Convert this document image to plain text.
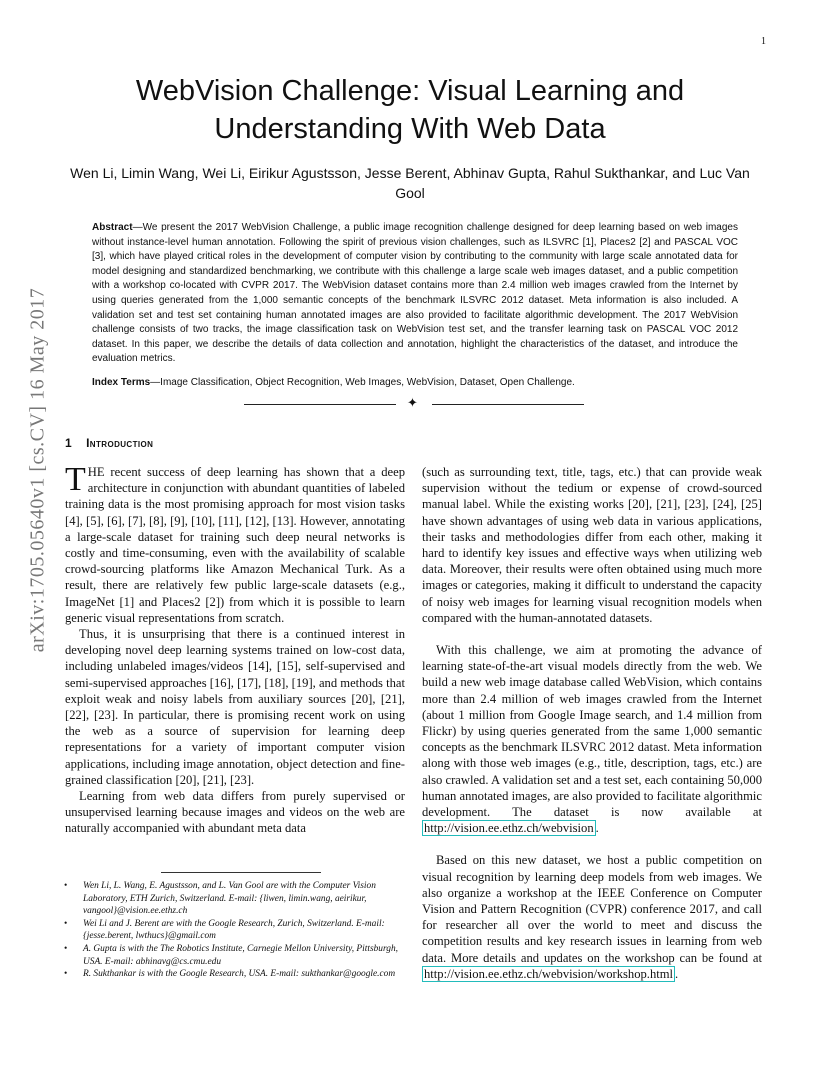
1
arXiv:1705.05640v1 [cs.CV] 16 May 2017
WebVision Challenge: Visual Learning and Understanding With Web Data
Wen Li, Limin Wang, Wei Li, Eirikur Agustsson, Jesse Berent, Abhinav Gupta, Rahul Sukthankar, and Luc Van Gool
Abstract—We present the 2017 WebVision Challenge, a public image recognition challenge designed for deep learning based on web images without instance-level human annotation. Following the spirit of previous vision challenges, such as ILSVRC [1], Places2 [2] and PASCAL VOC [3], which have played critical roles in the development of computer vision by contributing to the community with large scale annotated data for model designing and standardized benchmarking, we contribute with this challenge a large scale web images dataset, and a public competition with a workshop co-located with CVPR 2017. The WebVision dataset contains more than 2.4 million web images crawled from the Internet by using queries generated from the 1,000 semantic concepts of the benchmark ILSVRC 2012 dataset. Meta information is also included. A validation set and test set containing human annotated images are also provided to facilitate algorithmic development. The 2017 WebVision challenge consists of two tracks, the image classification task on WebVision test set, and the transfer learning task on PASCAL VOC 2012 dataset. In this paper, we describe the details of data collection and annotation, highlight the characteristics of the dataset, and introduce the evaluation metrics.
Index Terms—Image Classification, Object Recognition, Web Images, WebVision, Dataset, Open Challenge.
✦
1 Introduction

THE recent success of deep learning has shown that a deep architecture in conjunction with abundant quantities of labeled training data is the most promising approach for most vision tasks [4], [5], [6], [7], [8], [9], [10], [11], [12], [13]. However, annotating a large-scale dataset for training such deep neural networks is costly and time-consuming, even with the availability of scalable crowd-sourcing platforms like Amazon Mechanical Turk. As a result, there are relatively few public large-scale datasets (e.g., ImageNet [1] and Places2 [2]) from which it is possible to learn generic visual representations from scratch.

Thus, it is unsurprising that there is a continued interest in developing novel deep learning systems trained on low-cost data, including unlabeled images/videos [14], [15], self-supervised and semi-supervised approaches [16], [17], [18], [19], and methods that exploit weak and noisy labels from auxiliary sources [20], [21], [22], [23]. In particular, there is promising recent work on using the web as a source of supervision for learning deep representations for a variety of important computer vision applications, including image annotation, object detection and fine-grained classification [20], [21], [23].

Learning from web data differs from purely supervised or unsupervised learning because images and videos on the web are naturally accompanied with abundant meta data

(such as surrounding text, title, tags, etc.) that can provide weak supervision without the tedium or expense of crowd-sourced manual label. While the existing works [20], [21], [23], [24], [25] have shown advantages of using web data in various applications, their tasks and methodologies differ from each other, making it hard to identify key issues and effective ways when utilizing web data. Moreover, their results were often obtained using much more images or categories, making it difficult to understand the capacity of noisy web images for learning visual recognition models when compared with the human-annotated datasets.

With this challenge, we aim at promoting the advance of learning state-of-the-art visual models directly from the web. We build a new web image database called WebVision, which contains more than 2.4 million of web images crawled from the Internet (about 1 million from Google Image search, and 1.4 million from Flickr) by using queries generated from the same 1,000 semantic concepts as the benchmark ILSVRC 2012 datast. Meta information along with those web images (e.g., title, description, tags, etc.) are also crawled. A validation set and a test set, each containing 50,000 human annotated images, are also provided to facilitate algorithmic development. The dataset is now available at http://vision.ee.ethz.ch/webvision .

Based on this new dataset, we host a public competition on visual recognition by learning deep models from web images. We also organize a workshop at the IEEE Conference on Computer Vision and Pattern Recognition (CVPR) conference 2017, and call for researcher all over the world to meet and discuss the competition results and key research issues in learning from web data. More details and updates on the workshop can be found at http://vision.ee.ethz.ch/webvision/workshop.html .

• Wen Li, L. Wang, E. Agustsson, and L. Van Gool are with the Computer Vision Laboratory, ETH Zurich, Switzerland. E-mail: {liwen, limin.wang, aeirikur, vangool}@vision.ee.ethz.ch

• Wei Li and J. Berent are with the Google Research, Zurich, Switzerland. E-mail: {jesse.berent, lwthucs}@gmail.com

• A. Gupta is with the The Robotics Institute, Carnegie Mellon University, Pittsburgh, USA. E-mail: abhinavg@cs.cmu.edu

• R. Sukthankar is with the Google Research, USA. E-mail: sukthankar@google.com
